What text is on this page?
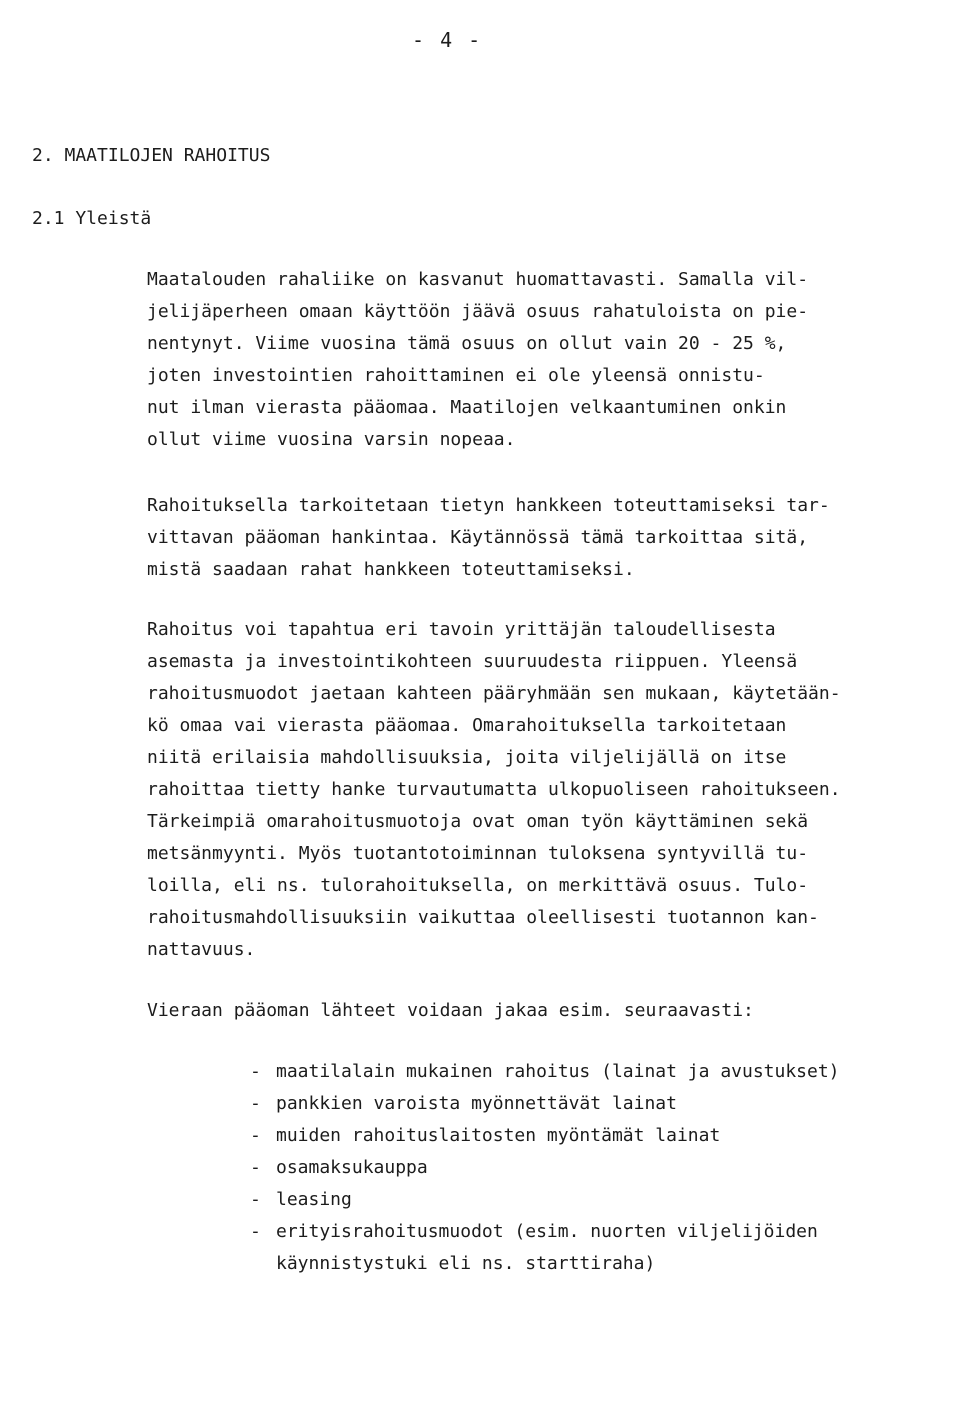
- 4 -
2. MAATILOJEN RAHOITUS
2.1 Yleistä
Maatalouden rahaliike on kasvanut huomattavasti. Samalla vil-
jelijäperheen omaan käyttöön jäävä osuus rahatuloista on pie-
nentynyt. Viime vuosina tämä osuus on ollut vain 20 - 25 %,
joten investointien rahoittaminen ei ole yleensä onnistu-
nut ilman vierasta pääomaa. Maatilojen velkaantuminen onkin
ollut viime vuosina varsin nopeaa.
Rahoituksella tarkoitetaan tietyn hankkeen toteuttamiseksi tar-
vittavan pääoman hankintaa. Käytännössä tämä tarkoittaa sitä,
mistä saadaan rahat hankkeen toteuttamiseksi.
Rahoitus voi tapahtua eri tavoin yrittäjän taloudellisesta
asemasta ja investointikohteen suuruudesta riippuen. Yleensä
rahoitusmuodot jaetaan kahteen pääryhmään sen mukaan, käytetään-
kö omaa vai vierasta pääomaa. Omarahoituksella tarkoitetaan
niitä erilaisia mahdollisuuksia, joita viljelijällä on itse
rahoittaa tietty hanke turvautumatta ulkopuoliseen rahoitukseen.
Tärkeimpiä omarahoitusmuotoja ovat oman työn käyttäminen sekä
metsänmyynti. Myös tuotantotoiminnan tuloksena syntyvillä tu-
loilla, eli ns. tulorahoituksella, on merkittävä osuus. Tulo-
rahoitusmahdollisuuksiin vaikuttaa oleellisesti tuotannon kan-
nattavuus.
Vieraan pääoman lähteet voidaan jakaa esim. seuraavasti:
- maatilalain mukainen rahoitus (lainat ja avustukset)
- pankkien varoista myönnettävät lainat
- muiden rahoituslaitosten myöntämät lainat
- osamaksukauppa
- leasing
- erityisrahoitusmuodot (esim. nuorten viljelijöiden
käynnistystuki eli ns. starttiraha)
